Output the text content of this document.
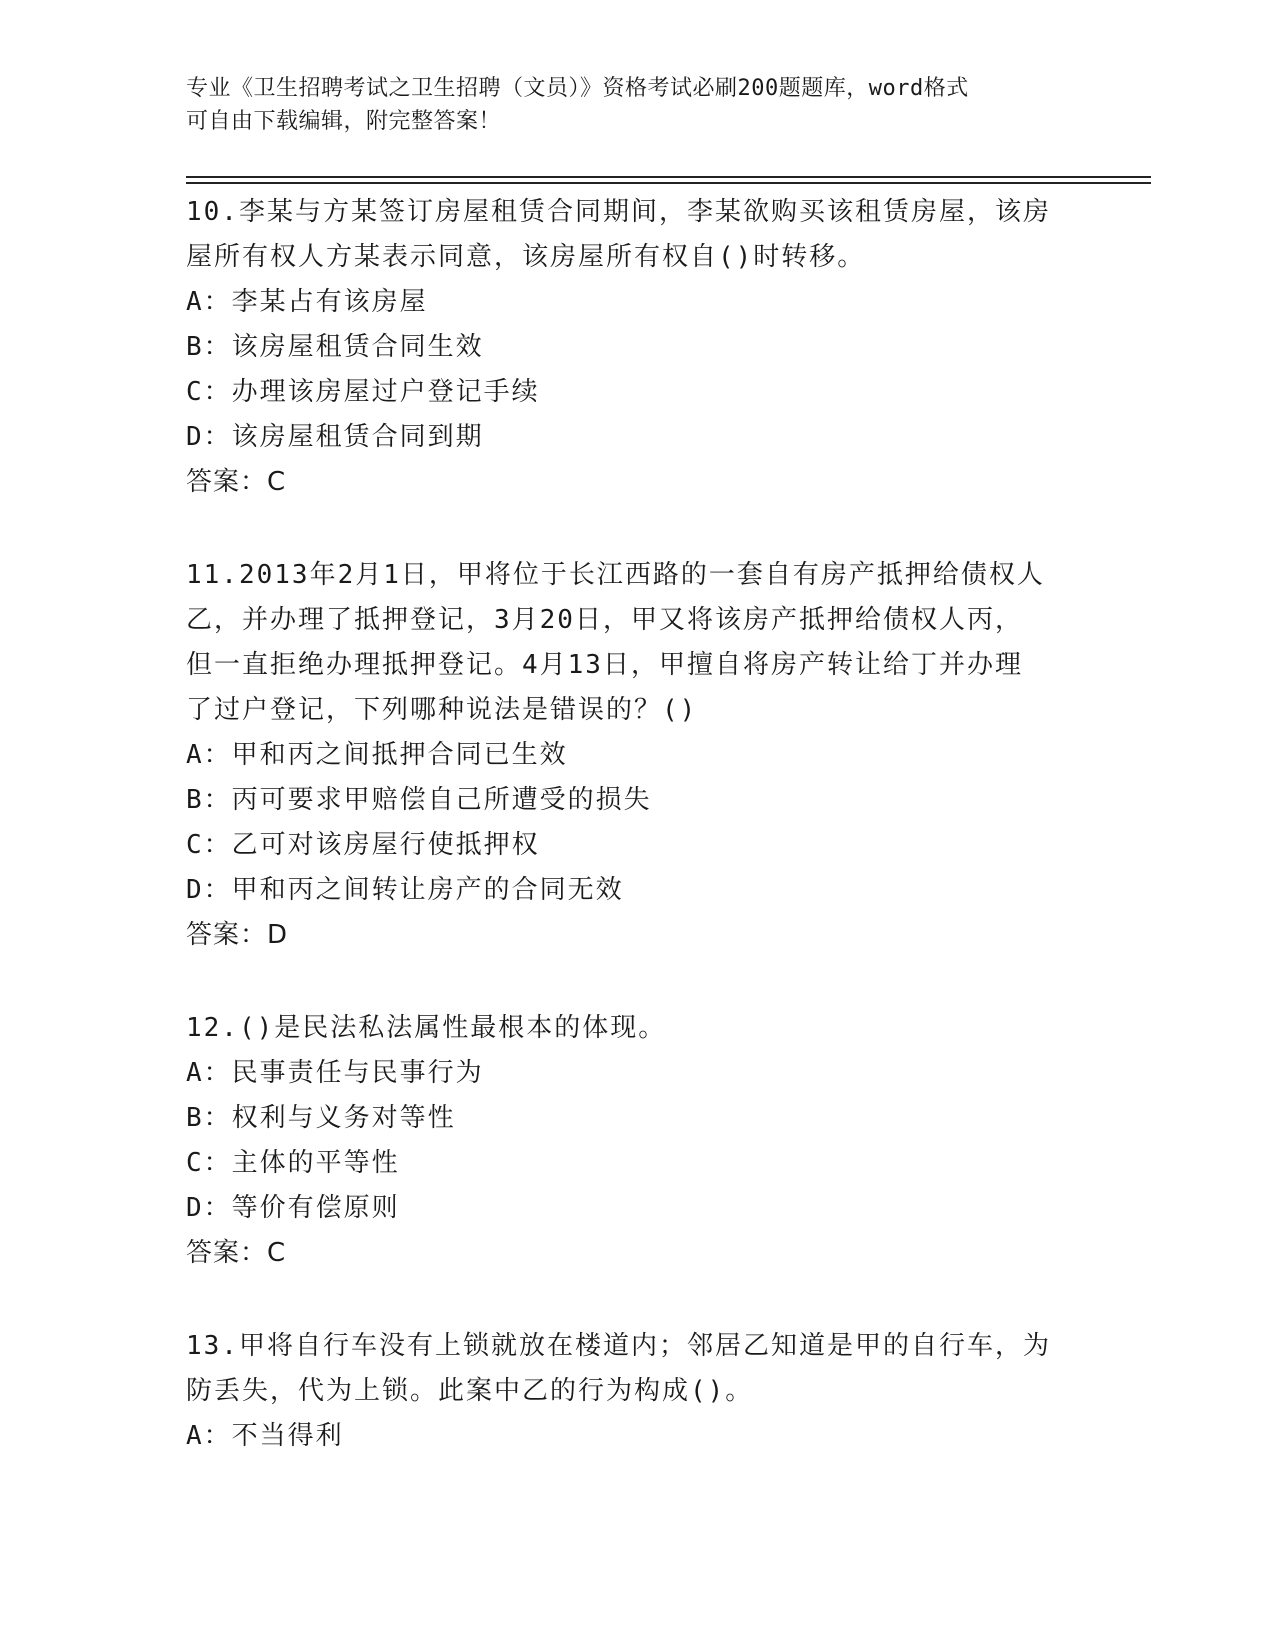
专业《卫生招聘考试之卫生招聘（文员）》资格考试必刷200题题库，word格式
可自由下载编辑，附完整答案！
10.李某与方某签订房屋租赁合同期间，李某欲购买该租赁房屋，该房
屋所有权人方某表示同意，该房屋所有权自()时转移。
A：李某占有该房屋
B：该房屋租赁合同生效
C：办理该房屋过户登记手续
D：该房屋租赁合同到期
答案：C
11.2013年2月1日，甲将位于长江西路的一套自有房产抵押给债权人
乙，并办理了抵押登记，3月20日，甲又将该房产抵押给债权人丙，
但一直拒绝办理抵押登记。4月13日，甲擅自将房产转让给丁并办理
了过户登记，下列哪种说法是错误的？()
A：甲和丙之间抵押合同已生效
B：丙可要求甲赔偿自己所遭受的损失
C：乙可对该房屋行使抵押权
D：甲和丙之间转让房产的合同无效
答案：D
12.()是民法私法属性最根本的体现。
A：民事责任与民事行为
B：权利与义务对等性
C：主体的平等性
D：等价有偿原则
答案：C
13.甲将自行车没有上锁就放在楼道内；邻居乙知道是甲的自行车，为
防丢失，代为上锁。此案中乙的行为构成()。
A：不当得利
